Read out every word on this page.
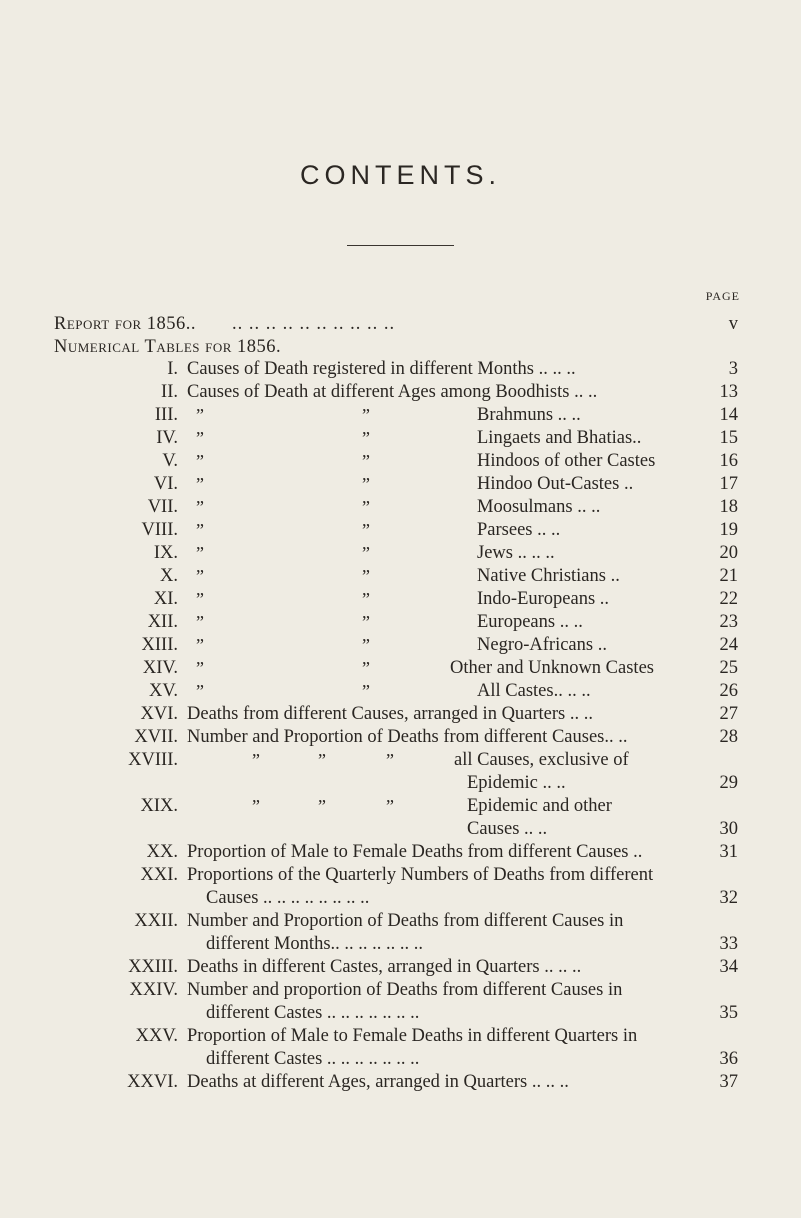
CONTENTS.
PAGE
Report for 1856.. .. .. .. .. .. .. .. .. .. ..	v
Numerical Tables for 1856.
I. Causes of Death registered in different Months .. .. ..	3
II. Causes of Death at different Ages among Boodhists .. ..	13
III. ”	”	Brahmuns .. ..	14
IV. ”	”	Lingaets and Bhatias..	15
V. ”	”	Hindoos of other Castes	16
VI. ”	”	Hindoo Out-Castes ..	17
VII. ”	”	Moosulmans .. ..	18
VIII. ”	”	Parsees .. ..	19
IX. ”	”	Jews .. .. ..	20
X. ”	”	Native Christians ..	21
XI. ”	”	Indo-Europeans ..	22
XII. ”	”	Europeans .. ..	23
XIII. ”	”	Negro-Africans ..	24
XIV. ”	”	Other and Unknown Castes	25
XV. ”	”	All Castes.. .. ..	26
XVI. Deaths from different Causes, arranged in Quarters .. ..	27
XVII. Number and Proportion of Deaths from different Causes.. ..	28
XVIII.	”	”	”	all Causes, exclusive of
Epidemic .. ..	29
XIX.	”	”	”	Epidemic and other
Causes .. ..	30
XX. Proportion of Male to Female Deaths from different Causes ..	31
XXI. Proportions of the Quarterly Numbers of Deaths from different
Causes .. .. .. .. .. .. .. ..	32
XXII. Number and Proportion of Deaths from different Causes in
different Months.. .. .. .. .. .. ..	33
XXIII. Deaths in different Castes, arranged in Quarters .. .. ..	34
XXIV. Number and proportion of Deaths from different Causes in
different Castes .. .. .. .. .. .. ..	35
XXV. Proportion of Male to Female Deaths in different Quarters in
different Castes .. .. .. .. .. .. ..	36
XXVI. Deaths at different Ages, arranged in Quarters .. .. ..	37
